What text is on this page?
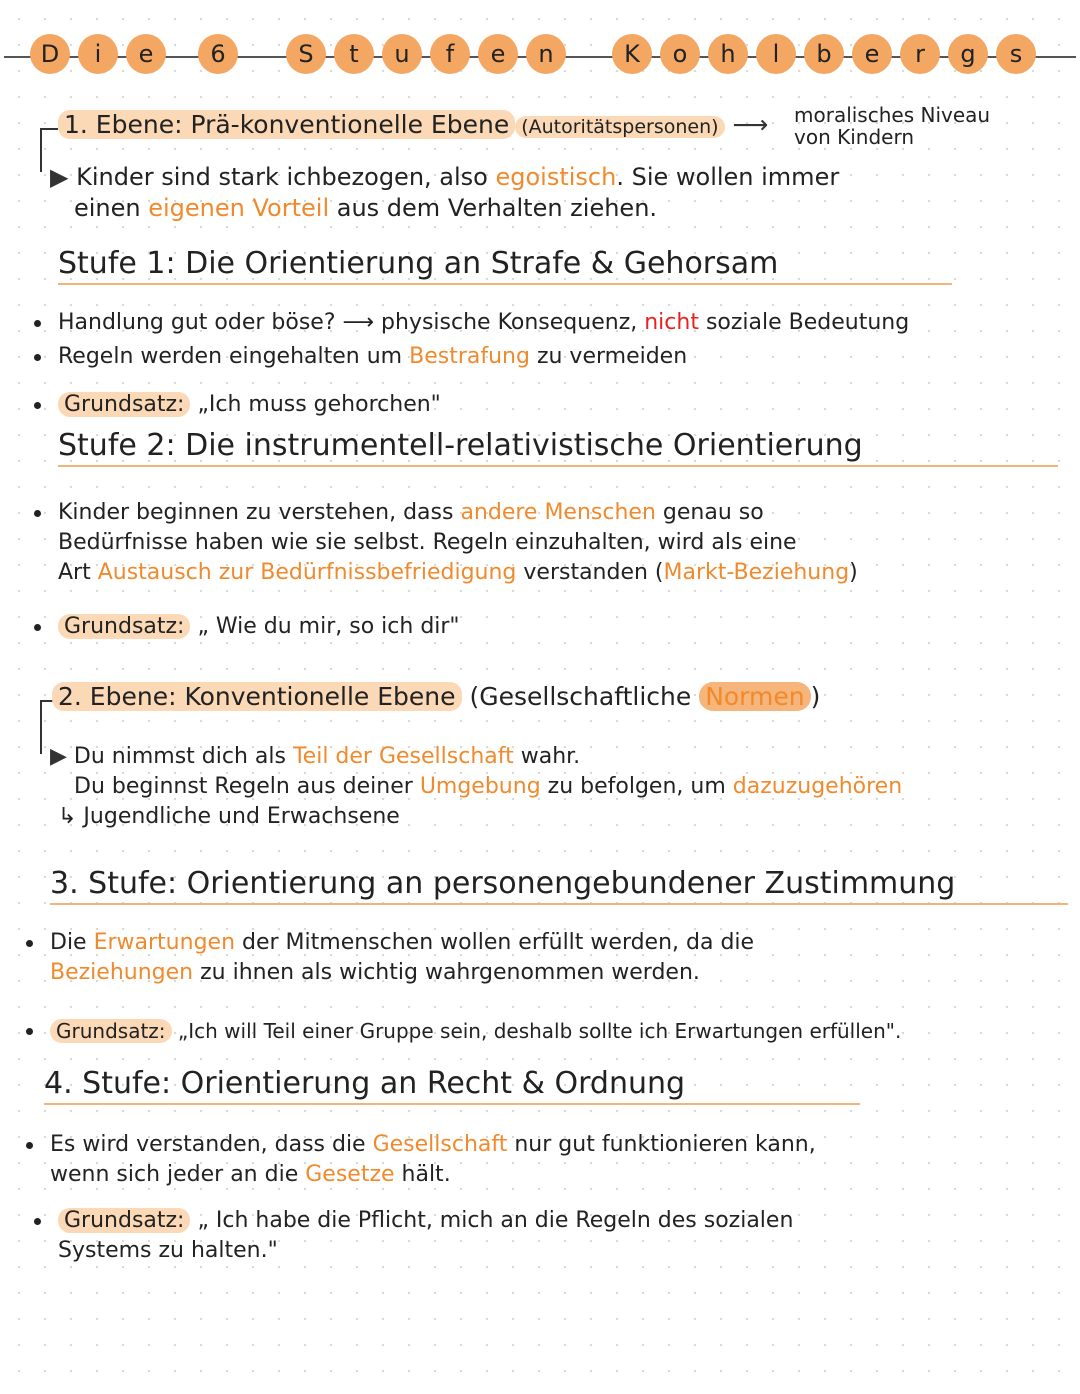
D	i	e	6	S	t	u	f	e	n	K	o	h	l	b	e	r	g	s
1. Ebene: Prä-konventionelle Ebene (Autoritätspersonen) ⟶ moralisches Niveau
von Kindern
▶ Kinder sind stark ichbezogen, also egoistisch. Sie wollen immer
einen eigenen Vorteil aus dem Verhalten ziehen.
Stufe 1: Die Orientierung an Strafe & Gehorsam
Handlung gut oder böse? ⟶ physische Konsequenz, nicht soziale Bedeutung
Regeln werden eingehalten um Bestrafung zu vermeiden
Grundsatz: „Ich muss gehorchen"
Stufe 2: Die instrumentell-relativistische Orientierung
Kinder beginnen zu verstehen, dass andere Menschen genau so
Bedürfnisse haben wie sie selbst. Regeln einzuhalten, wird als eine
Art Austausch zur Bedürfnissbefriedigung verstanden (Markt-Beziehung)
Grundsatz: „ Wie du mir, so ich dir"
2. Ebene: Konventionelle Ebene (Gesellschaftliche Normen )
▶ Du nimmst dich als Teil der Gesellschaft wahr.
Du beginnst Regeln aus deiner Umgebung zu befolgen, um dazuzugehören
↳ Jugendliche und Erwachsene
3. Stufe: Orientierung an personengebundener Zustimmung
Die Erwartungen der Mitmenschen wollen erfüllt werden, da die
Beziehungen zu ihnen als wichtig wahrgenommen werden.
Grundsatz: „Ich will Teil einer Gruppe sein, deshalb sollte ich Erwartungen erfüllen".
4. Stufe: Orientierung an Recht & Ordnung
Es wird verstanden, dass die Gesellschaft nur gut funktionieren kann,
wenn sich jeder an die Gesetze hält.
Grundsatz: „ Ich habe die Pflicht, mich an die Regeln des sozialen
Systems zu halten."
